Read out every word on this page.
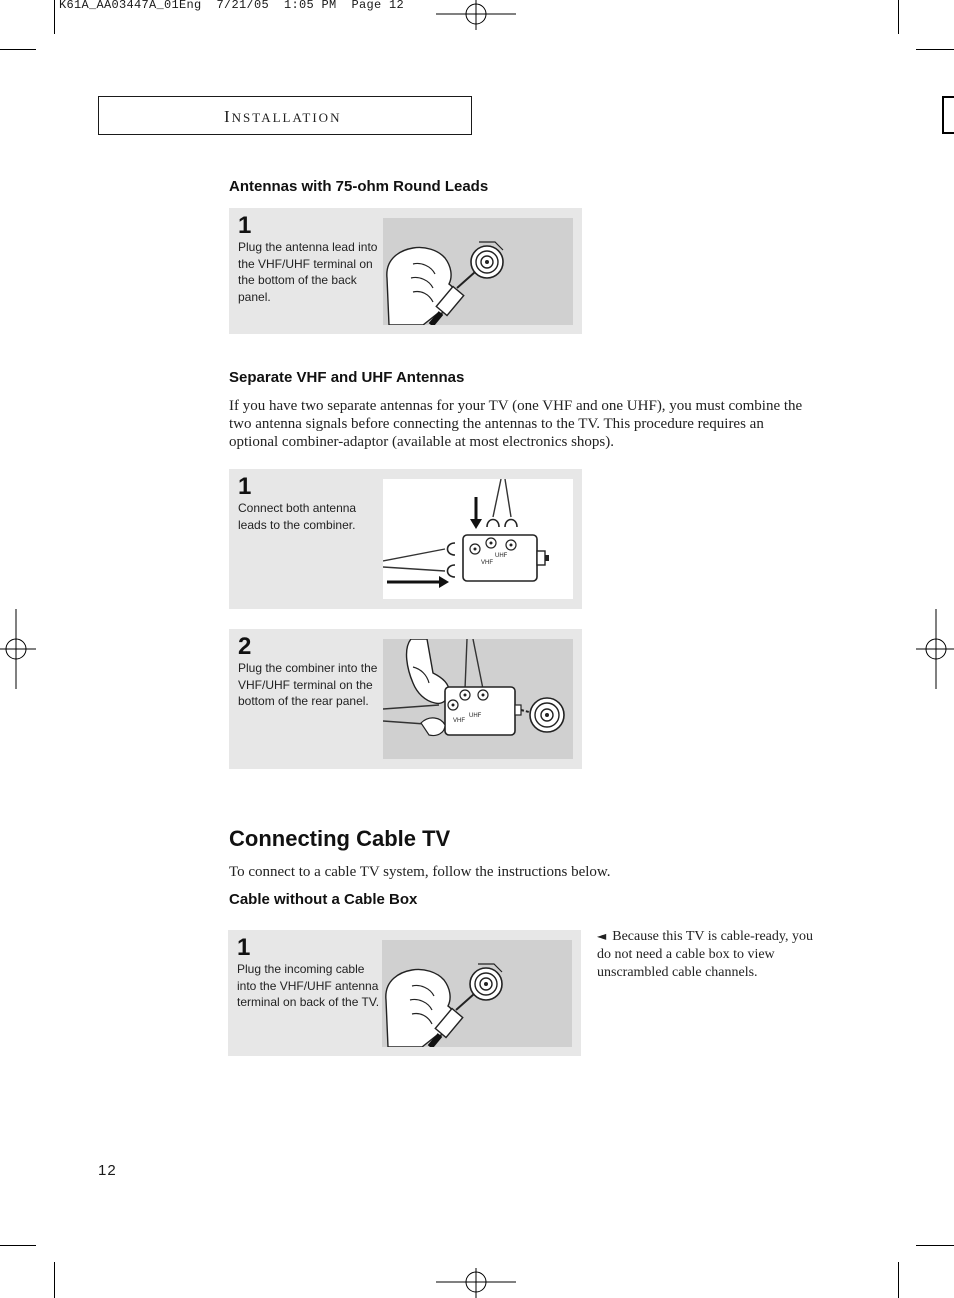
K61A_AA03447A_01Eng  7/21/05  1:05 PM  Page 12
INSTALLATION
Antennas with 75-ohm Round Leads
1
Plug the antenna lead into the VHF/UHF terminal on the bottom of the back panel.
Separate VHF and UHF Antennas
If you have two separate antennas for your TV (one VHF and one UHF), you must combine the two antenna signals before connecting the antennas to the TV. This procedure requires an optional combiner-adaptor (available at most electronics shops).
1
Connect both antenna leads to the combiner.
VHF
UHF
2
Plug the combiner into the VHF/UHF terminal on the bottom of the rear panel.
VHF
UHF
Connecting Cable TV
To connect to a cable TV system, follow the instructions below.
Cable without a Cable Box
1
Plug the incoming cable into the VHF/UHF antenna terminal on back of the TV.
◄ Because this TV is cable-ready, you do not need a cable box to view unscrambled cable channels.
12
